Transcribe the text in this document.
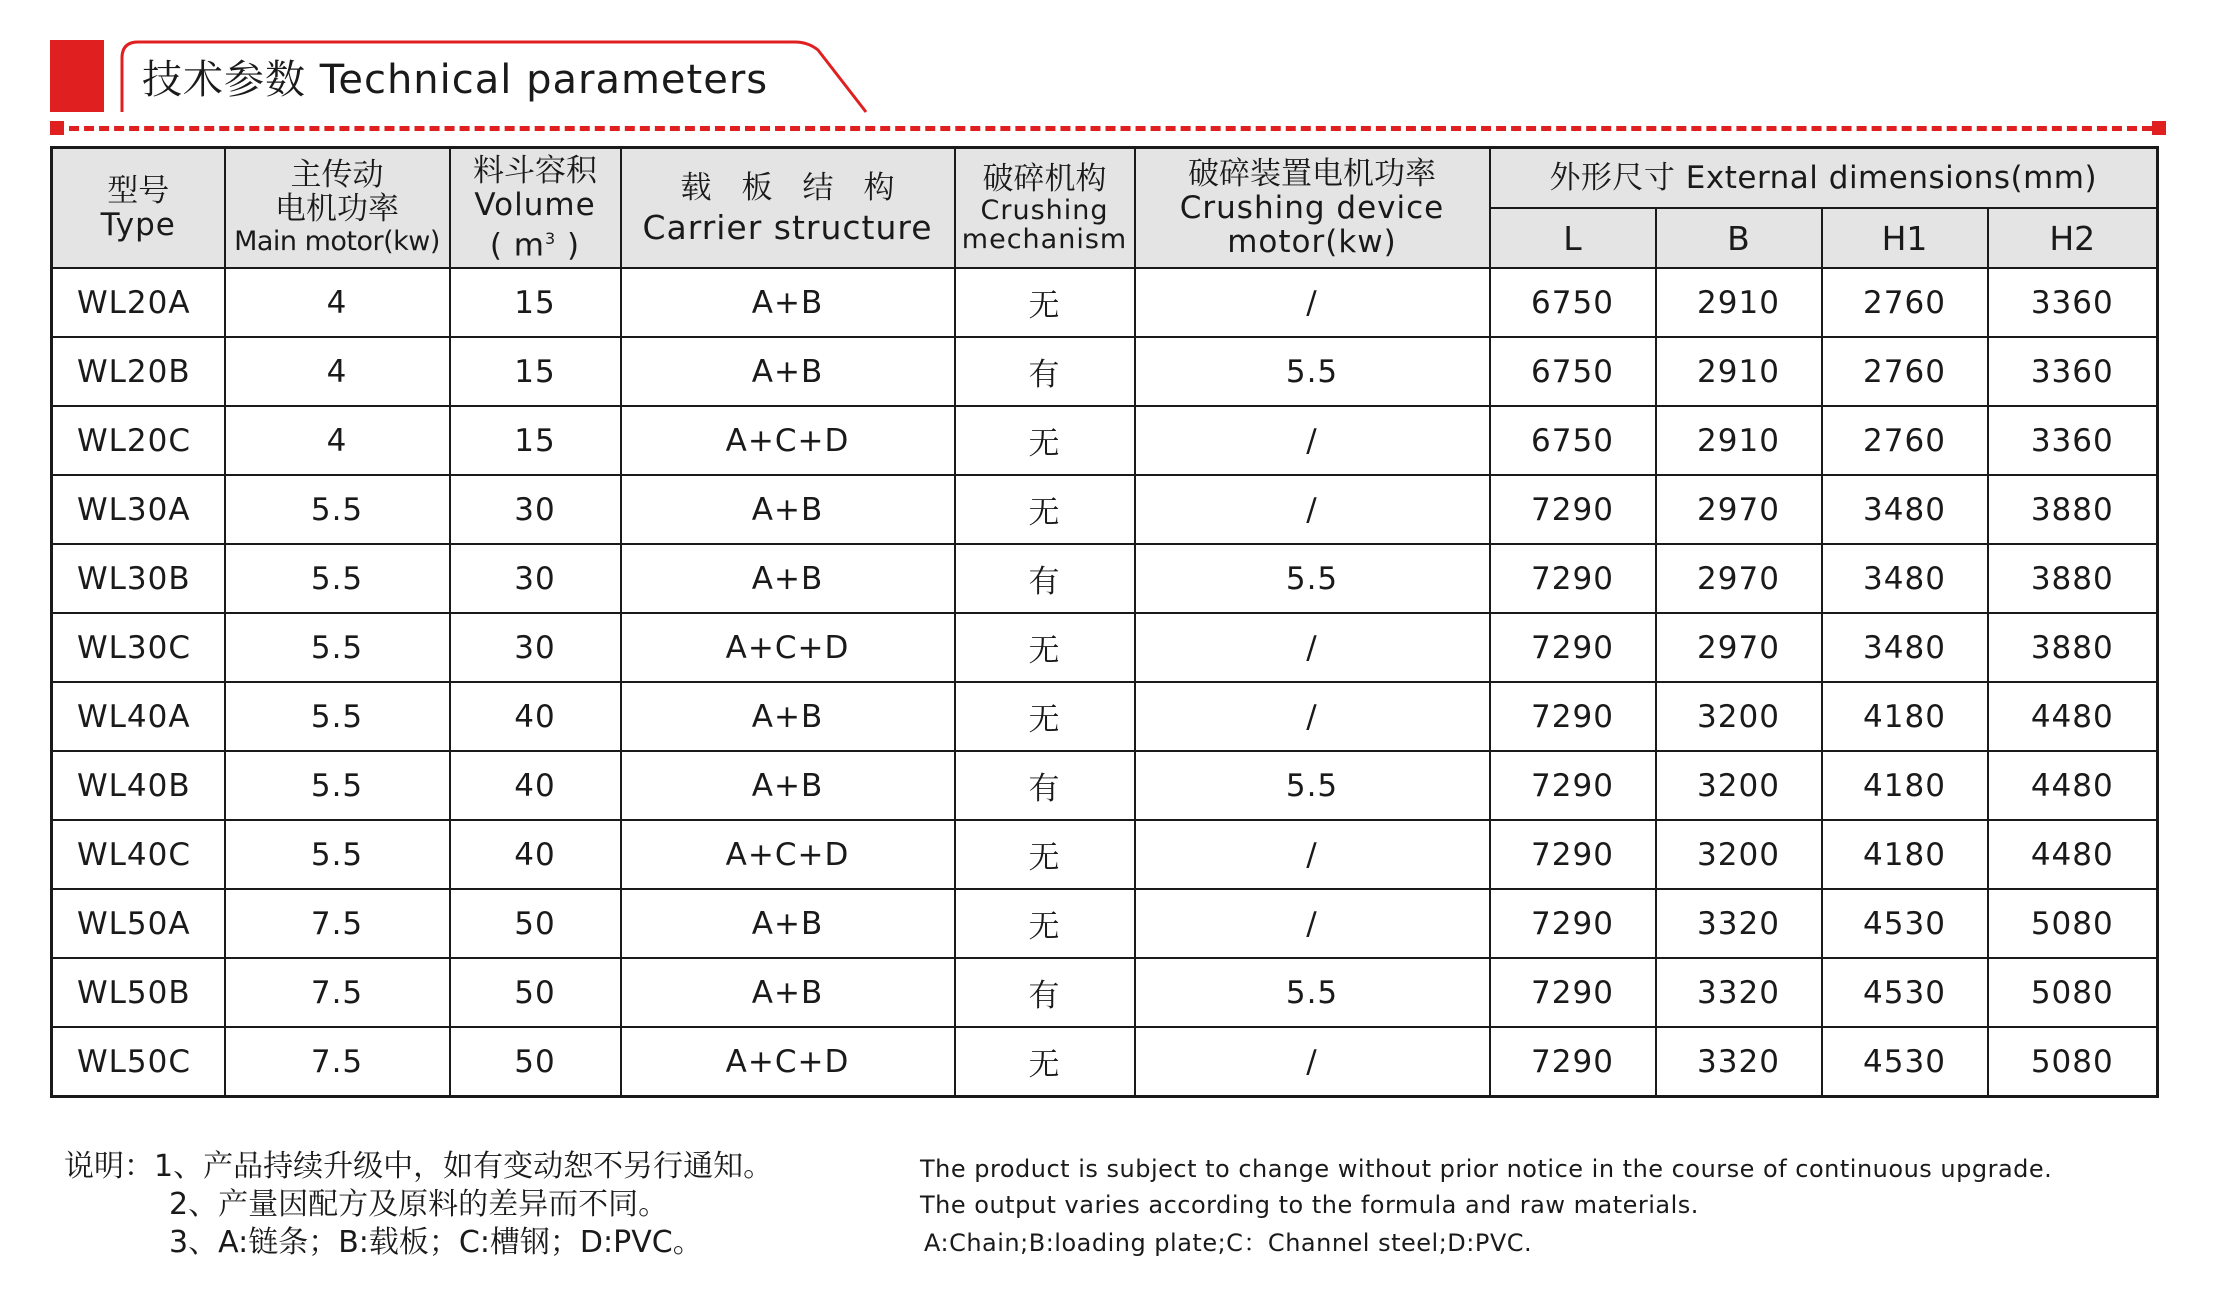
技术参数 Technical parameters
型号
Type	主传动
电机功率
Main motor(kw)	料斗容积
Volume
( $m^3$ )	载板结构
Carrier structure	破碎机构
Crushing
mechanism	破碎装置电机功率
Crushing device
motor(kw)	外形尺寸 External dimensions(mm)			
						L	B	H1	H2
WL20A	4	15	A+B	无	/	6750	2910	2760	3360
WL20B	4	15	A+B	有	5.5	6750	2910	2760	3360
WL20C	4	15	A+C+D	无	/	6750	2910	2760	3360
WL30A	5.5	30	A+B	无	/	7290	2970	3480	3880
WL30B	5.5	30	A+B	有	5.5	7290	2970	3480	3880
WL30C	5.5	30	A+C+D	无	/	7290	2970	3480	3880
WL40A	5.5	40	A+B	无	/	7290	3200	4180	4480
WL40B	5.5	40	A+B	有	5.5	7290	3200	4180	4480
WL40C	5.5	40	A+C+D	无	/	7290	3200	4180	4480
WL50A	7.5	50	A+B	无	/	7290	3320	4530	5080
WL50B	7.5	50	A+B	有	5.5	7290	3320	4530	5080
WL50C	7.5	50	A+C+D	无	/	7290	3320	4530	5080
说明：1、产品持续升级中，如有变动恕不另行通知。
2、产量因配方及原料的差异而不同。
3、A:链条；B:载板；C:槽钢；D:PVC。
The product is subject to change without prior notice in the course of continuous upgrade.
The output varies according to the formula and raw materials.
A:Chain;B:loading plate;C：Channel steel;D:PVC.
